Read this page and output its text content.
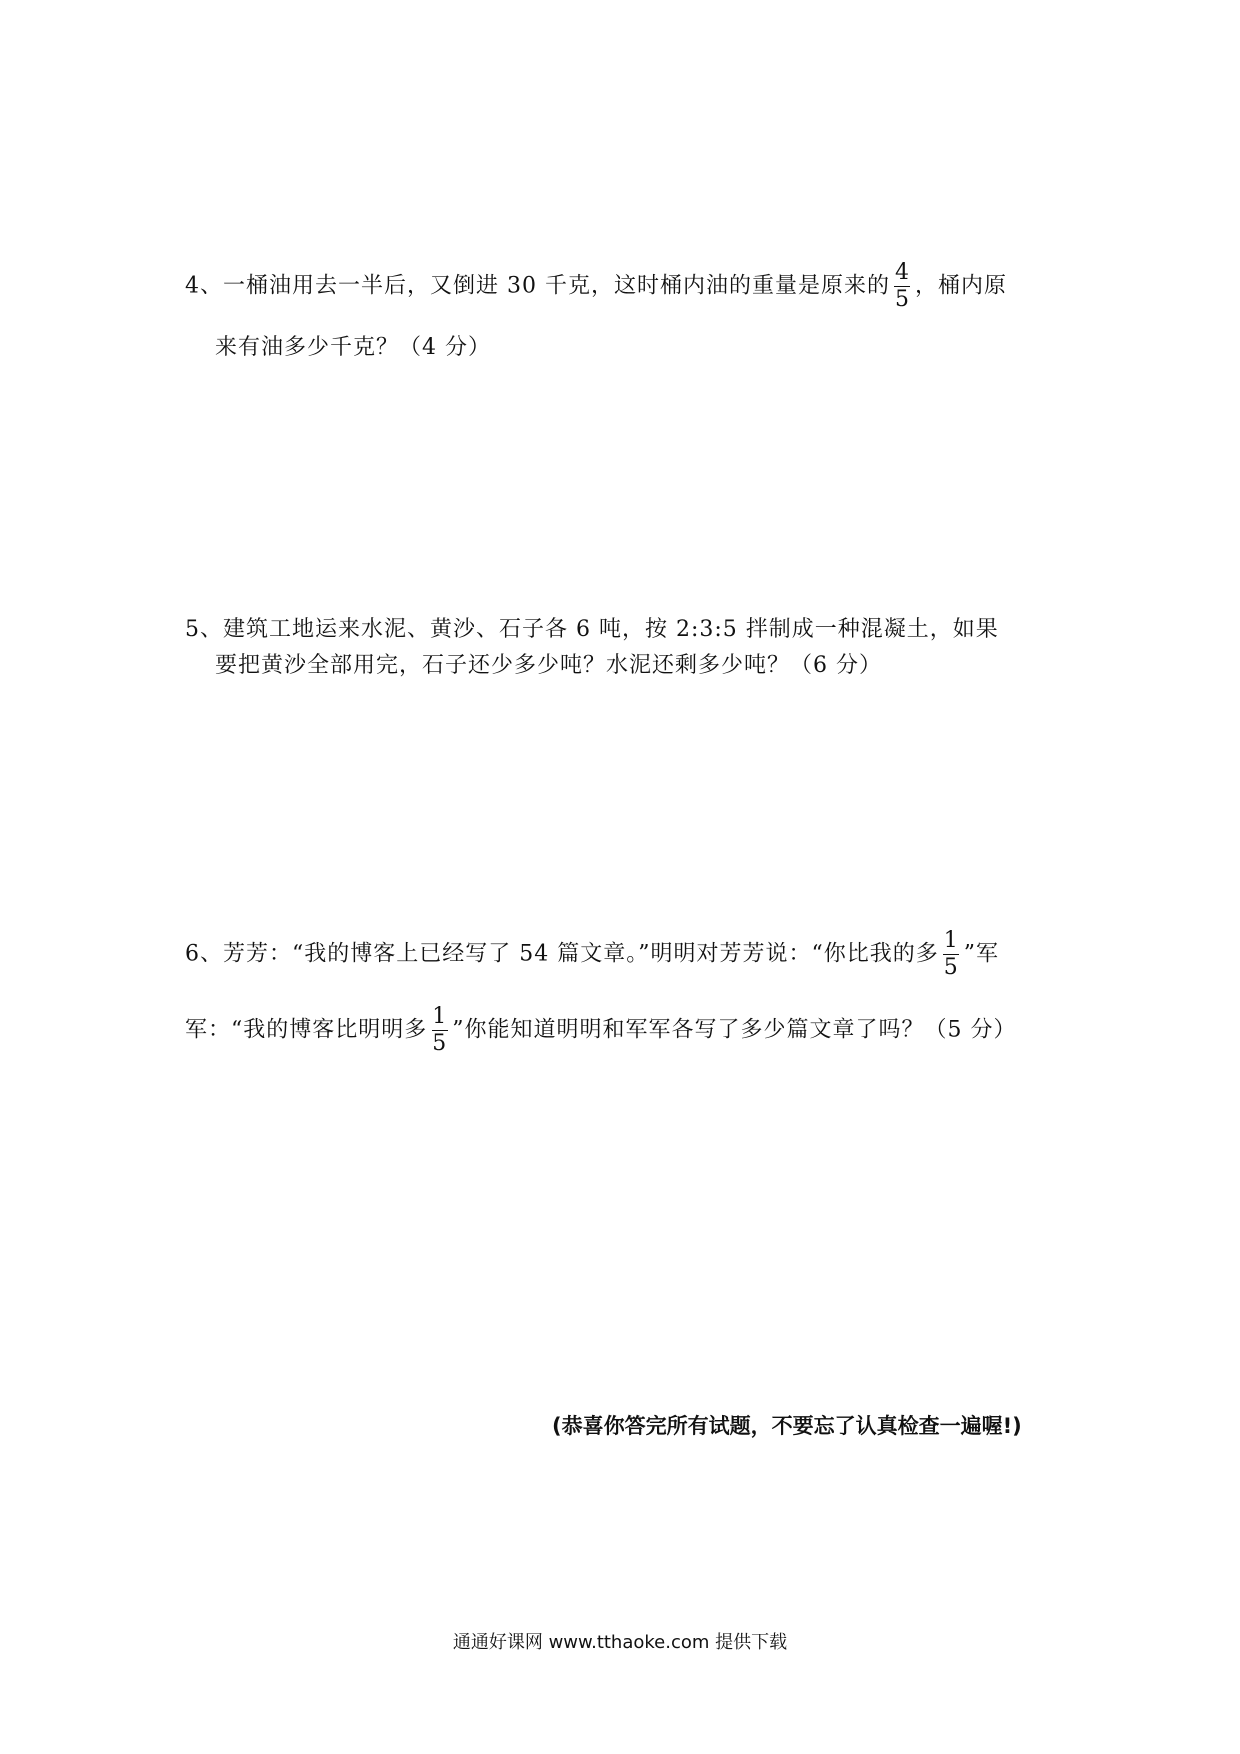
4、一桶油用去一半后，又倒进 30 千克，这时桶内油的重量是原来的 $\frac{4}{5}$ ，桶内原
来有油多少千克？（4 分）
5、建筑工地运来水泥、黄沙、石子各 6 吨，按 2:3:5 拌制成一种混凝土，如果
要把黄沙全部用完，石子还少多少吨？水泥还剩多少吨？（6 分）
6、芳芳：“我的博客上已经写了 54 篇文章。”明明对芳芳说：“你比我的多 $\frac{1}{5}$ ”军
军：“我的博客比明明多 $\frac{1}{5}$ ”你能知道明明和军军各写了多少篇文章了吗？（5 分）
(恭喜你答完所有试题，不要忘了认真检查一遍喔!)
通通好课网 www.tthaoke.com 提供下载
